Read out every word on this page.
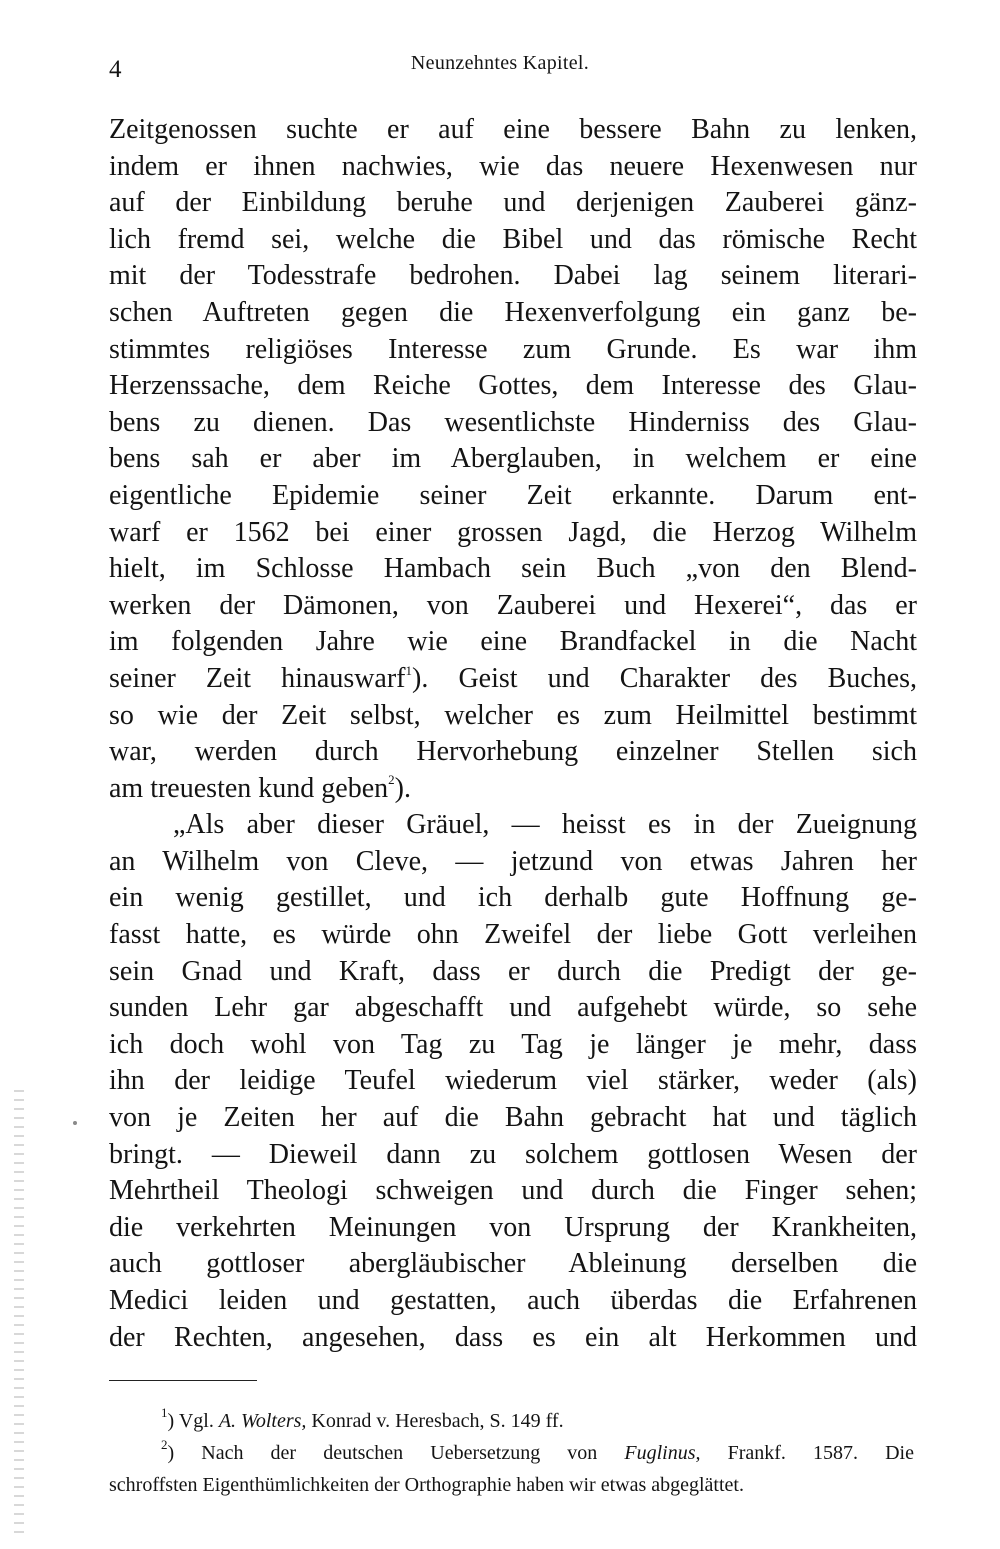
4	Neunzehntes Kapitel.
Zeitgenossen suchte er auf eine bessere Bahn zu lenken,
indem er ihnen nachwies, wie das neuere Hexenwesen nur
auf der Einbildung beruhe und derjenigen Zauberei gänz-
lich fremd sei, welche die Bibel und das römische Recht
mit der Todesstrafe bedrohen. Dabei lag seinem literari-
schen Auftreten gegen die Hexenverfolgung ein ganz be-
stimmtes religiöses Interesse zum Grunde. Es war ihm
Herzenssache, dem Reiche Gottes, dem Interesse des Glau-
bens zu dienen. Das wesentlichste Hinderniss des Glau-
bens sah er aber im Aberglauben, in welchem er eine
eigentliche Epidemie seiner Zeit erkannte. Darum ent-
warf er 1562 bei einer grossen Jagd, die Herzog Wilhelm
hielt, im Schlosse Hambach sein Buch „von den Blend-
werken der Dämonen, von Zauberei und Hexerei“, das er
im folgenden Jahre wie eine Brandfackel in die Nacht
seiner Zeit hinauswarf$^1$). Geist und Charakter des Buches,
so wie der Zeit selbst, welcher es zum Heilmittel bestimmt
war, werden durch Hervorhebung einzelner Stellen sich
am treuesten kund geben$^2$).
„Als aber dieser Gräuel, — heisst es in der Zueignung
an Wilhelm von Cleve, — jetzund von etwas Jahren her
ein wenig gestillet, und ich derhalb gute Hoffnung ge-
fasst hatte, es würde ohn Zweifel der liebe Gott verleihen
sein Gnad und Kraft, dass er durch die Predigt der ge-
sunden Lehr gar abgeschafft und aufgehebt würde, so sehe
ich doch wohl von Tag zu Tag je länger je mehr, dass
ihn der leidige Teufel wiederum viel stärker, weder (als)
von je Zeiten her auf die Bahn gebracht hat und täglich
bringt. — Dieweil dann zu solchem gottlosen Wesen der
Mehrtheil Theologi schweigen und durch die Finger sehen;
die verkehrten Meinungen von Ursprung der Krankheiten,
auch gottloser abergläubischer Ableinung derselben die
Medici leiden und gestatten, auch überdas die Erfahrenen
der Rechten, angesehen, dass es ein alt Herkommen und
$^1$) Vgl. A. Wolters, Konrad v. Heresbach, S. 149 ff.
$^2$) Nach der deutschen Uebersetzung von Fuglinus, Frankf. 1587. Die
schroffsten Eigenthümlichkeiten der Orthographie haben wir etwas abgeglättet.
